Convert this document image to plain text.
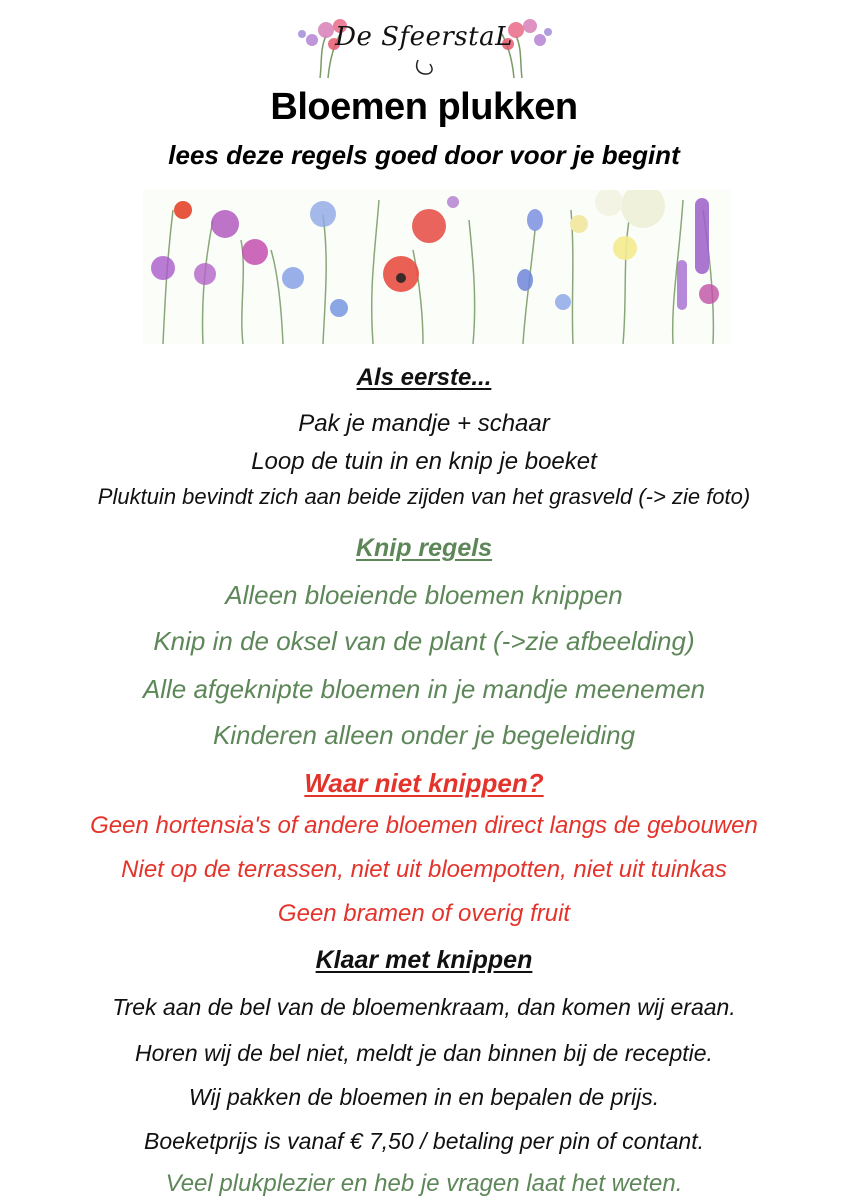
De SfeerstaL
Bloemen plukken
lees deze regels goed door voor je begint
Als eerste...
Pak je mandje + schaar
Loop de tuin in en knip je boeket
Pluktuin bevindt zich aan beide zijden van het grasveld (-> zie foto)
Knip regels
Alleen bloeiende bloemen knippen
Knip in de oksel van de plant (->zie afbeelding)
Alle afgeknipte bloemen in je mandje meenemen
Kinderen alleen onder je begeleiding
Waar niet knippen?
Geen hortensia's of andere bloemen direct langs de gebouwen
Niet op de terrassen, niet uit bloempotten, niet uit tuinkas
Geen bramen of overig fruit
Klaar met knippen
Trek aan de bel van de bloemenkraam, dan komen wij eraan.
Horen wij de bel niet, meldt je dan binnen bij de receptie.
Wij pakken de bloemen in en bepalen de prijs.
Boeketprijs is vanaf € 7,50 / betaling per pin of contant.
Veel plukplezier en heb je vragen laat het weten.
